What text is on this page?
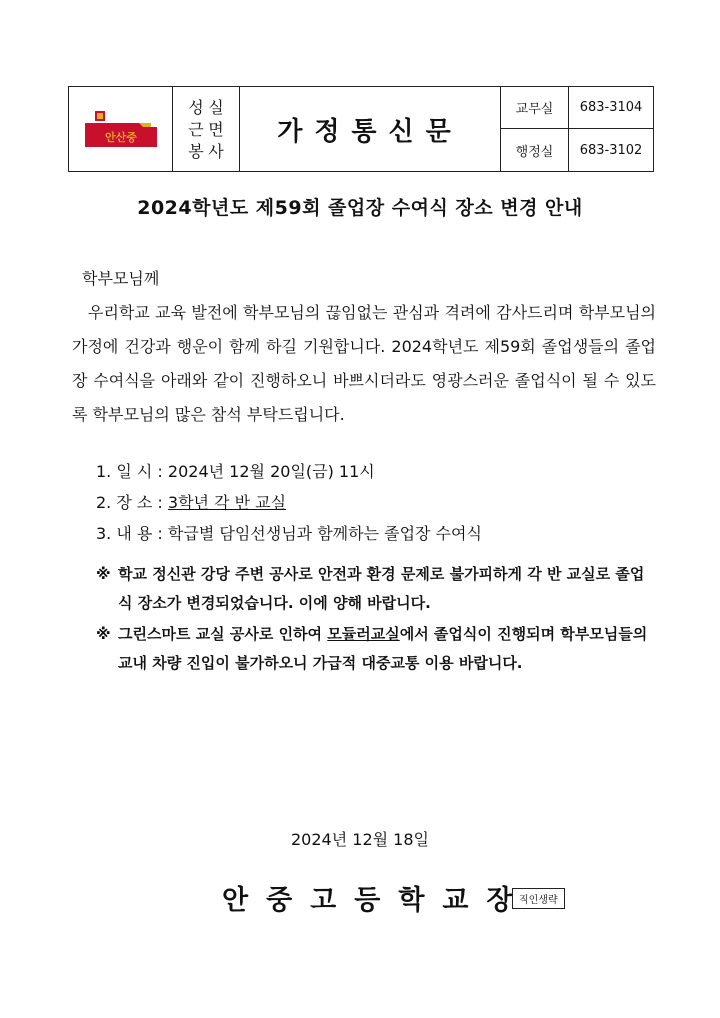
안산중
성 실
근 면
봉 사
가정통신문
교무실	683-3104
행정실	683-3102
2024학년도 제59회 졸업장 수여식 장소 변경 안내
학부모님께
우리학교 교육 발전에 학부모님의 끊임없는 관심과 격려에 감사드리며 학부모님의 가정에 건강과 행운이 함께 하길 기원합니다. 2024학년도 제59회 졸업생들의 졸업장 수여식을 아래와 같이 진행하오니 바쁘시더라도 영광스러운 졸업식이 될 수 있도록 학부모님의 많은 참석 부탁드립니다.
1. 일 시 : 2024년 12월 20일(금) 11시
2. 장 소 : 3학년 각 반 교실
3. 내 용 : 학급별 담임선생님과 함께하는 졸업장 수여식
※ 학교 정신관 강당 주변 공사로 안전과 환경 문제로 불가피하게 각 반 교실로 졸업식 장소가 변경되었습니다. 이에 양해 바랍니다.
※ 그린스마트 교실 공사로 인하여 모듈러교실에서 졸업식이 진행되며 학부모님들의 교내 차량 진입이 불가하오니 가급적 대중교통 이용 바랍니다.
2024년 12월 18일
안중고등학교장
직인생략
